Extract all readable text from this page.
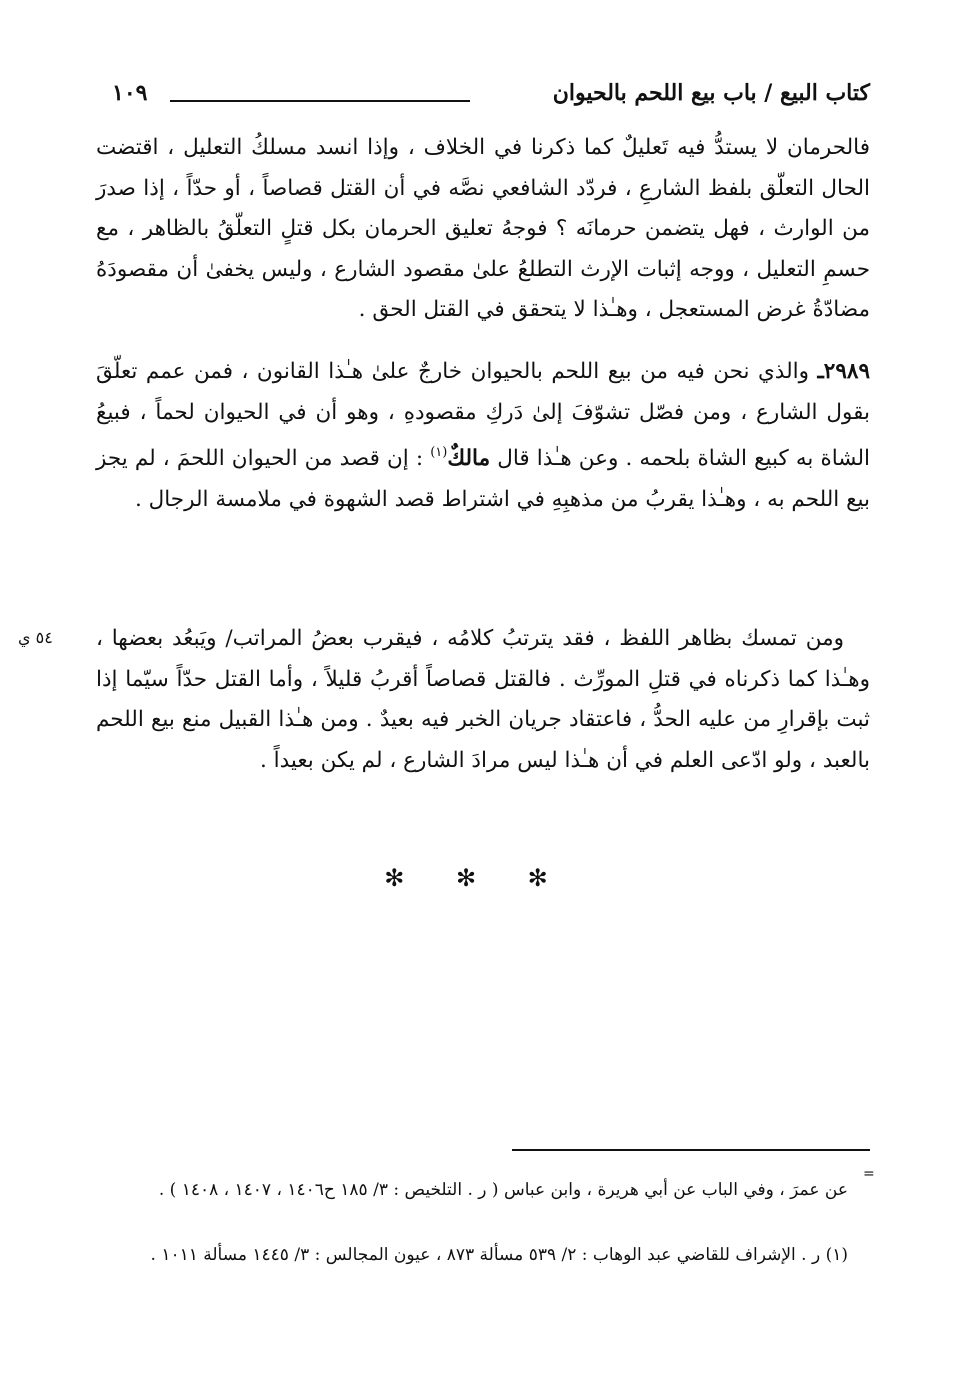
كتاب البيع / باب بيع اللحم بالحيوان
١٠٩
فالحرمان لا يستدُّ فيه تَعليلٌ كما ذكرنا في الخلاف ، وإذا انسد مسلكُ التعليل ، اقتضت الحال التعلّق بلفظ الشارعِ ، فردّد الشافعي نصَّه في أن القتل قصاصاً ، أو حدّاً ، إذا صدرَ من الوارث ، فهل يتضمن حرمانَه ؟ فوجهُ تعليق الحرمان بكل قتلٍ التعلّقُ بالظاهر ، مع حسمِ التعليل ، ووجه إثبات الإرث التطلعُ علىٰ مقصود الشارع ، وليس يخفىٰ أن مقصودَهُ مضادّةُ غرض المستعجل ، وهـٰذا لا يتحقق في القتل الحق .
٢٩٨٩ـ والذي نحن فيه من بيع اللحم بالحيوان خارجٌ علىٰ هـٰذا القانون ، فمن عمم تعلّقَ بقول الشارع ، ومن فصّل تشوّفَ إلىٰ دَركِ مقصودهِ ، وهو أن في الحيوان لحماً ، فبيعُ الشاة به كبيع الشاة بلحمه . وعن هـٰذا قال مالكٌ$^{(١)}$ : إن قصد من الحيوان اللحمَ ، لم يجز بيع اللحم به ، وهـٰذا يقربُ من مذهبِهِ في اشتراط قصد الشهوة في ملامسة الرجال .
ومن تمسك بظاهر اللفظ ، فقد يترتبُ كلامُه ، فيقرب بعضُ المراتب/ ويَبعُد بعضها ، وهـٰذا كما ذكرناه في قتلِ المورِّث . فالقتل قصاصاً أقربُ قليلاً ، وأما القتل حدّاً سيّما إذا ثبت بإقرارِ من عليه الحدُّ ، فاعتقاد جريان الخبر فيه بعيدٌ . ومن هـٰذا القبيل منع بيع اللحم بالعبد ، ولو ادّعى العلم في أن هـٰذا ليس مرادَ الشارع ، لم يكن بعيداً .
٥٤ ي
✻ ✻ ✻
=
عن عمرَ ، وفي الباب عن أبي هريرة ، وابن عباس ( ر . التلخيص : ٣/ ١٨٥ ح١٤٠٦ ، ١٤٠٧ ، ١٤٠٨ ) .
(١) ر . الإشراف للقاضي عبد الوهاب : ٢/ ٥٣٩ مسألة ٨٧٣ ، عيون المجالس : ٣/ ١٤٤٥ مسألة ١٠١١ .
